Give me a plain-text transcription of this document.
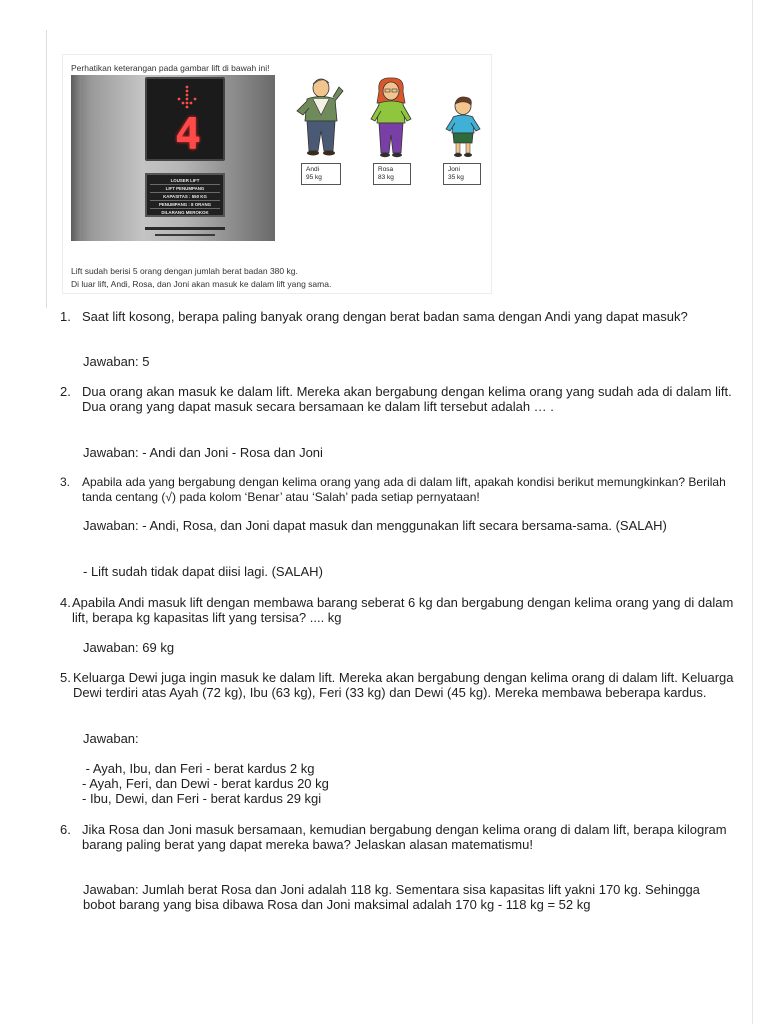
Perhatikan keterangan pada gambar lift di bawah ini!
4
LOUSER LIFT
LIFT PENUMPANG
KAPASITAS : 550 KG
PENUMPANG : 8 ORANG
DILARANG MEROKOK
Andi
95 kg
Rosa
83 kg
Joni
35 kg
Lift sudah berisi 5 orang dengan jumlah berat badan 380 kg.
Di luar lift, Andi, Rosa, dan Joni akan masuk ke dalam lift yang sama.
1. Saat lift kosong, berapa paling banyak orang dengan berat badan sama dengan Andi yang dapat masuk?
Jawaban: 5
2. Dua orang akan masuk ke dalam lift. Mereka akan bergabung dengan kelima orang yang sudah ada di dalam lift. Dua orang yang dapat masuk secara bersamaan ke dalam lift tersebut adalah … .
Jawaban: - Andi dan Joni - Rosa dan Joni
3. Apabila ada yang bergabung dengan kelima orang yang ada di dalam lift, apakah kondisi berikut memungkinkan? Berilah tanda centang (√) pada kolom ‘Benar’ atau ‘Salah’ pada setiap pernyataan!
Jawaban: - Andi, Rosa, dan Joni dapat masuk dan menggunakan lift secara bersama-sama. (SALAH)
- Lift sudah tidak dapat diisi lagi. (SALAH)
4. Apabila Andi masuk lift dengan membawa barang seberat 6 kg dan bergabung dengan kelima orang yang di dalam lift, berapa kg kapasitas lift yang tersisa? .... kg
Jawaban: 69 kg
5. Keluarga Dewi juga ingin masuk ke dalam lift. Mereka akan bergabung dengan kelima orang di dalam lift. Keluarga Dewi terdiri atas Ayah (72 kg), Ibu (63 kg), Feri (33 kg) dan Dewi (45 kg). Mereka membawa beberapa kardus.
Jawaban:
- Ayah, Ibu, dan Feri - berat kardus 2 kg
- Ayah, Feri, dan Dewi - berat kardus 20 kg
- Ibu, Dewi, dan Feri - berat kardus 29 kgi
6. Jika Rosa dan Joni masuk bersamaan, kemudian bergabung dengan kelima orang di dalam lift, berapa kilogram barang paling berat yang dapat mereka bawa? Jelaskan alasan matematismu!
Jawaban: Jumlah berat Rosa dan Joni adalah 118 kg. Sementara sisa kapasitas lift yakni 170 kg. Sehingga bobot barang yang bisa dibawa Rosa dan Joni maksimal adalah 170 kg - 118 kg = 52 kg
